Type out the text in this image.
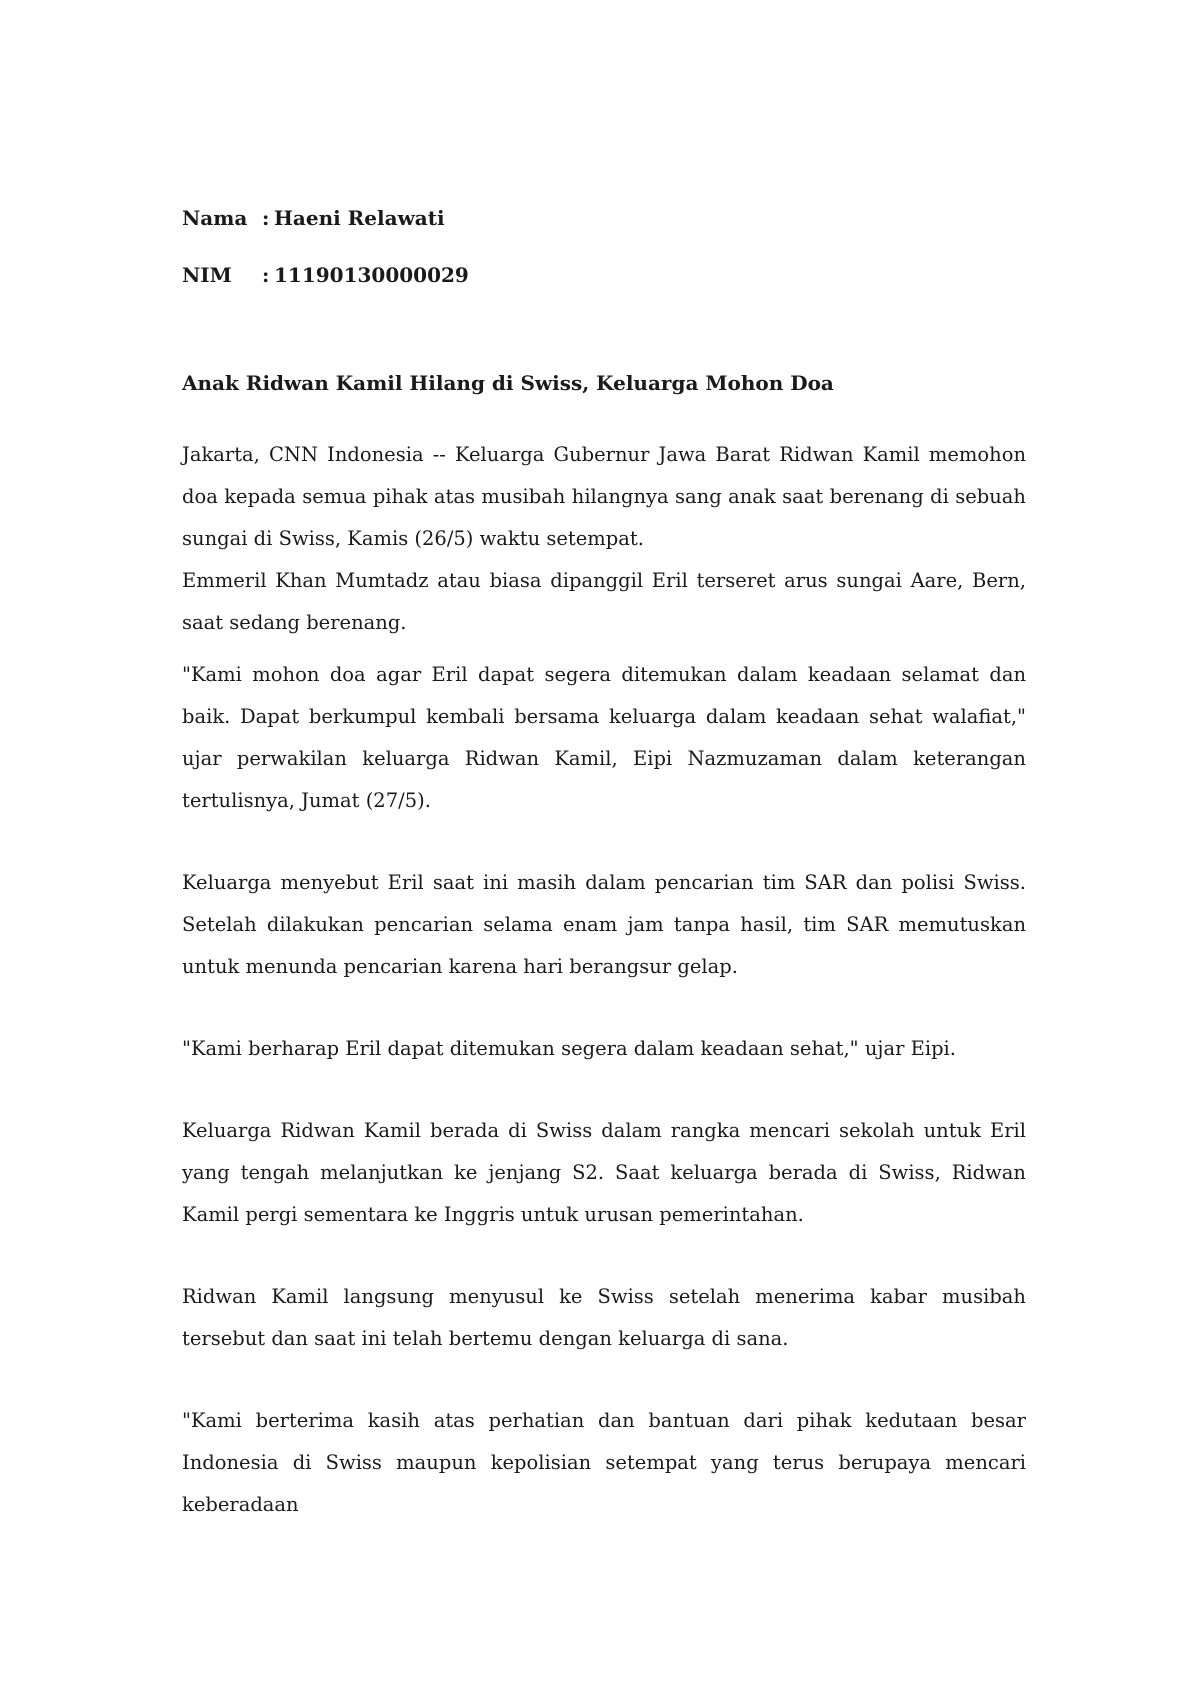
Nama : Haeni Relawati
NIM	: 11190130000029
Anak Ridwan Kamil Hilang di Swiss, Keluarga Mohon Doa

Jakarta, CNN Indonesia -- Keluarga Gubernur Jawa Barat Ridwan Kamil memohon doa kepada semua pihak atas musibah hilangnya sang anak saat berenang di sebuah sungai di Swiss, Kamis (26/5) waktu setempat.

Emmeril Khan Mumtadz atau biasa dipanggil Eril terseret arus sungai Aare, Bern, saat sedang berenang.

"Kami mohon doa agar Eril dapat segera ditemukan dalam keadaan selamat dan baik. Dapat berkumpul kembali bersama keluarga dalam keadaan sehat walafiat," ujar perwakilan keluarga Ridwan Kamil, Eipi Nazmuzaman dalam keterangan tertulisnya, Jumat (27/5).

Keluarga menyebut Eril saat ini masih dalam pencarian tim SAR dan polisi Swiss. Setelah dilakukan pencarian selama enam jam tanpa hasil, tim SAR memutuskan untuk menunda pencarian karena hari berangsur gelap.

"Kami berharap Eril dapat ditemukan segera dalam keadaan sehat," ujar Eipi.

Keluarga Ridwan Kamil berada di Swiss dalam rangka mencari sekolah untuk Eril yang tengah melanjutkan ke jenjang S2. Saat keluarga berada di Swiss, Ridwan Kamil pergi sementara ke Inggris untuk urusan pemerintahan.

Ridwan Kamil langsung menyusul ke Swiss setelah menerima kabar musibah tersebut dan saat ini telah bertemu dengan keluarga di sana.

"Kami berterima kasih atas perhatian dan bantuan dari pihak kedutaan besar Indonesia di Swiss maupun kepolisian setempat yang terus berupaya mencari keberadaan
